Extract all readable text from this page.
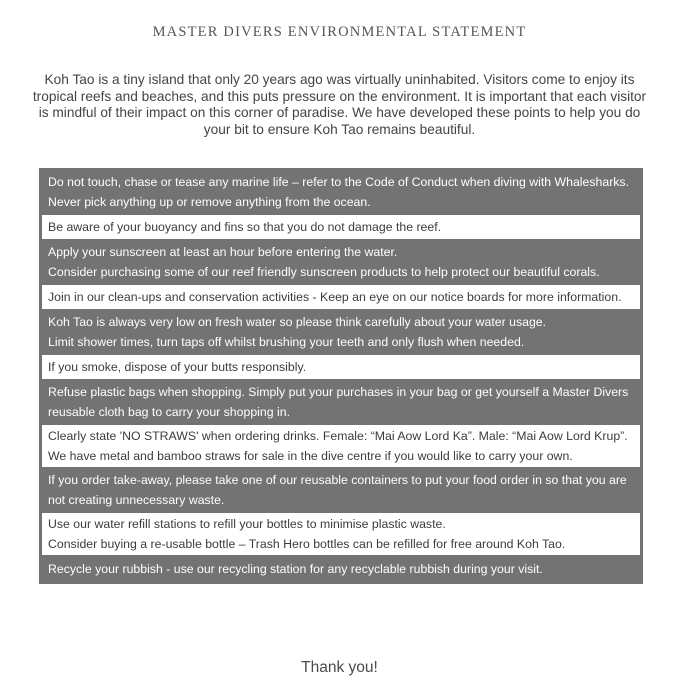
MASTER DIVERS ENVIRONMENTAL STATEMENT
Koh Tao is a tiny island that only 20 years ago was virtually uninhabited. Visitors come to enjoy its
tropical reefs and beaches, and this puts pressure on the environment. It is important that each visitor
is mindful of their impact on this corner of paradise. We have developed these points to help you do
your bit to ensure Koh Tao remains beautiful.
Do not touch, chase or tease any marine life – refer to the Code of Conduct when diving with Whalesharks.
Never pick anything up or remove anything from the ocean.
Be aware of your buoyancy and fins so that you do not damage the reef.
Apply your sunscreen at least an hour before entering the water.
Consider purchasing some of our reef friendly sunscreen products to help protect our beautiful corals.
Join in our clean-ups and conservation activities - Keep an eye on our notice boards for more information.
Koh Tao is always very low on fresh water so please think carefully about your water usage.
Limit shower times, turn taps off whilst brushing your teeth and only flush when needed.
If you smoke, dispose of your butts responsibly.
Refuse plastic bags when shopping. Simply put your purchases in your bag or get yourself a Master Divers
reusable cloth bag to carry your shopping in.
Clearly state 'NO STRAWS' when ordering drinks. Female: “Mai Aow Lord Ka”. Male: “Mai Aow Lord Krup”.
We have metal and bamboo straws for sale in the dive centre if you would like to carry your own.
If you order take-away, please take one of our reusable containers to put your food order in so that you are
not creating unnecessary waste.
Use our water refill stations to refill your bottles to minimise plastic waste.
Consider buying a re-usable bottle – Trash Hero bottles can be refilled for free around Koh Tao.
Recycle your rubbish - use our recycling station for any recyclable rubbish during your visit.
Thank you!
